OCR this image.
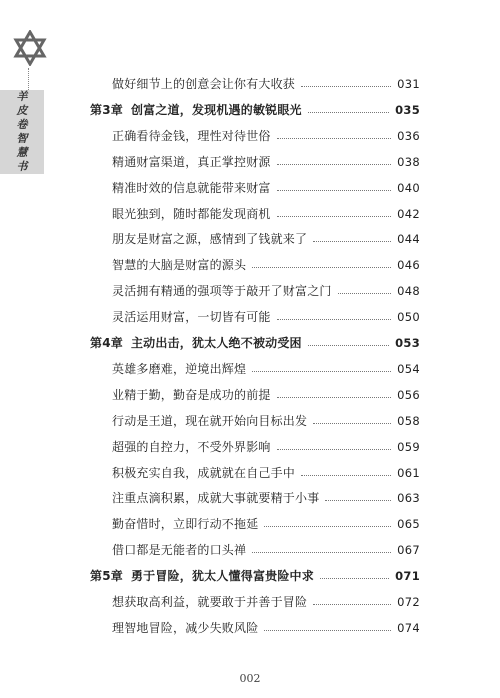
羊
皮
卷
智
慧
书
做好细节上的创意会让你有大收获	031
第3章 创富之道，发现机遇的敏锐眼光	035
正确看待金钱，理性对待世俗	036
精通财富渠道，真正掌控财源	038
精准时效的信息就能带来财富	040
眼光独到，随时都能发现商机	042
朋友是财富之源，感情到了钱就来了	044
智慧的大脑是财富的源头	046
灵活拥有精通的强项等于敲开了财富之门	048
灵活运用财富，一切皆有可能	050
第4章 主动出击，犹太人绝不被动受困	053
英雄多磨难，逆境出辉煌	054
业精于勤，勤奋是成功的前提	056
行动是王道，现在就开始向目标出发	058
超强的自控力，不受外界影响	059
积极充实自我，成就就在自己手中	061
注重点滴积累，成就大事就要精于小事	063
勤奋惜时，立即行动不拖延	065
借口都是无能者的口头禅	067
第5章 勇于冒险，犹太人懂得富贵险中求	071
想获取高利益，就要敢于并善于冒险	072
理智地冒险，减少失败风险	074
002
